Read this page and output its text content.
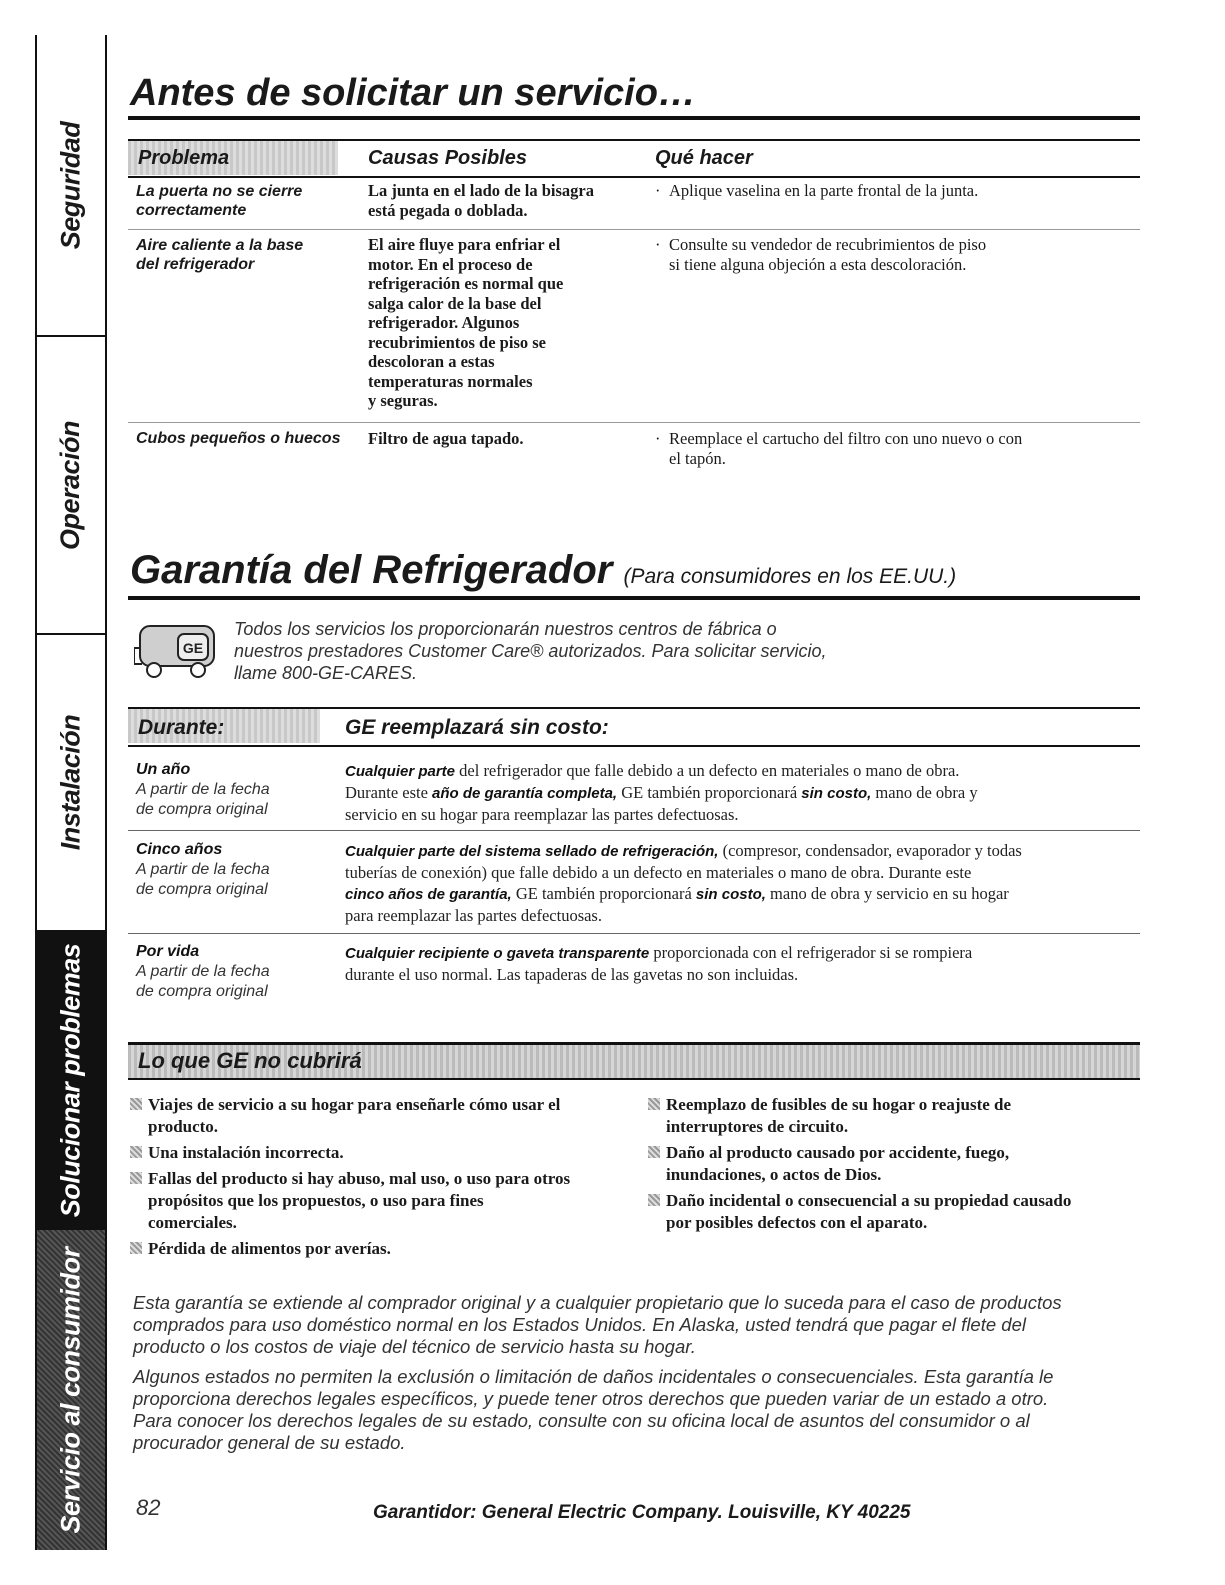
Seguridad
Operación
Instalación
Solucionar problemas
Servicio al consumidor
Antes de solicitar un servicio…
Problema	Causas Posibles	Qué hacer
La puerta no se cierre
correctamente
La junta en el lado de la bisagra
está pegada o doblada.
· Aplique vaselina en la parte frontal de la junta.
Aire caliente a la base
del refrigerador
El aire fluye para enfriar el
motor. En el proceso de
refrigeración es normal que
salga calor de la base del
refrigerador. Algunos
recubrimientos de piso se
descoloran a estas
temperaturas normales
y seguras.
· Consulte su vendedor de recubrimientos de piso
si tiene alguna objeción a esta descoloración.
Cubos pequeños o huecos Filtro de agua tapado.
·	Reemplace el cartucho del filtro con uno nuevo o con
el tapón.
Garantía del Refrigerador (Para consumidores en los EE.UU.)
GE
Todos los servicios los proporcionarán nuestros centros de fábrica o
nuestros prestadores Customer Care® autorizados. Para solicitar servicio,
llame 800-GE-CARES.
Durante:	GE reemplazará sin costo:
Un año
A partir de la fecha
de compra original
Cualquier parte del refrigerador que falle debido a un defecto en materiales o mano de obra.
Durante este año de garantía completa, GE también proporcionará sin costo, mano de obra y
servicio en su hogar para reemplazar las partes defectuosas.
Cinco años
A partir de la fecha
de compra original
Cualquier parte del sistema sellado de refrigeración, (compresor, condensador, evaporador y todas
tuberías de conexión) que falle debido a un defecto en materiales o mano de obra. Durante este
cinco años de garantía, GE también proporcionará sin costo, mano de obra y servicio en su hogar
para reemplazar las partes defectuosas.
Por vida
A partir de la fecha
de compra original
Cualquier recipiente o gaveta transparente proporcionada con el refrigerador si se rompiera
durante el uso normal. Las tapaderas de las gavetas no son incluidas.
Lo que GE no cubrirá
Viajes de servicio a su hogar para enseñarle cómo usar el
producto.
Una instalación incorrecta.
Fallas del producto si hay abuso, mal uso, o uso para otros
propósitos que los propuestos, o uso para fines
comerciales.
Pérdida de alimentos por averías.
Reemplazo de fusibles de su hogar o reajuste de
interruptores de circuito.
Daño al producto causado por accidente, fuego,
inundaciones, o actos de Dios.
Daño incidental o consecuencial a su propiedad causado
por posibles defectos con el aparato.
Esta garantía se extiende al comprador original y a cualquier propietario que lo suceda para el caso de productos
comprados para uso doméstico normal en los Estados Unidos. En Alaska, usted tendrá que pagar el flete del
producto o los costos de viaje del técnico de servicio hasta su hogar.
Algunos estados no permiten la exclusión o limitación de daños incidentales o consecuenciales. Esta garantía le
proporciona derechos legales específicos, y puede tener otros derechos que pueden variar de un estado a otro.
Para conocer los derechos legales de su estado, consulte con su oficina local de asuntos del consumidor o al
procurador general de su estado.
82	Garantidor: General Electric Company. Louisville, KY 40225
